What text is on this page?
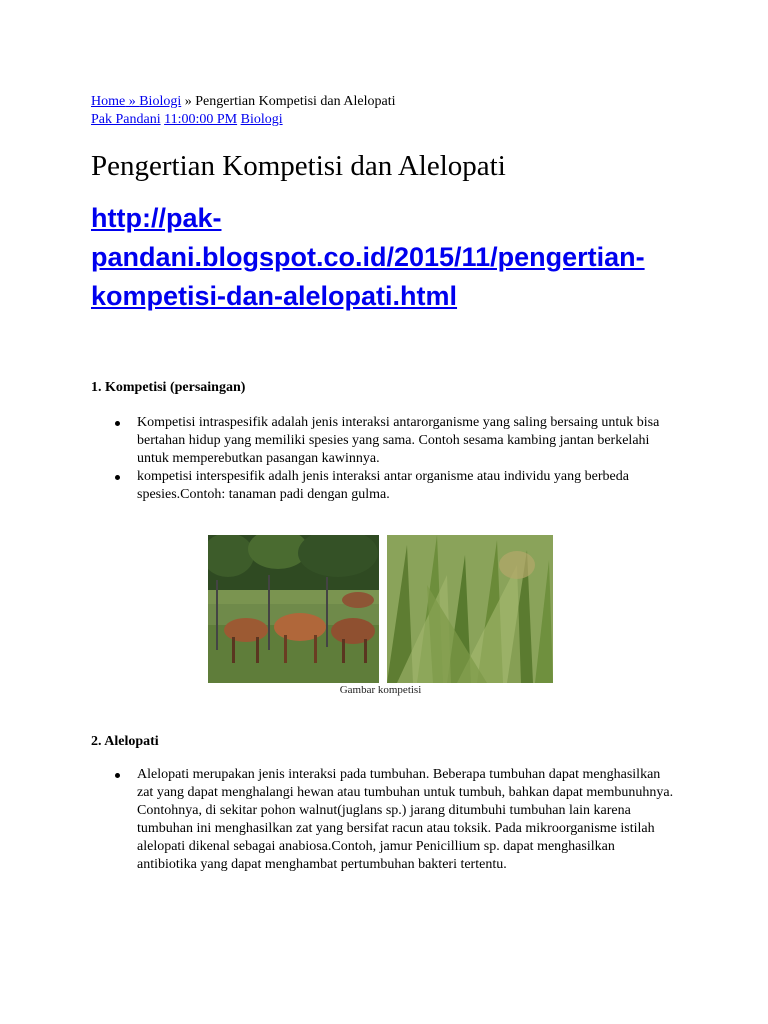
Home » Biologi » Pengertian Kompetisi dan Alelopati
Pak Pandani 11:00:00 PM Biologi
Pengertian Kompetisi dan Alelopati

http://pak-pandani.blogspot.co.id/2015/11/pengertian-kompetisi-dan-alelopati.html

1. Kompetisi (persaingan)

Kompetisi intraspesifik adalah jenis interaksi antarorganisme yang saling bersaing untuk bisa bertahan hidup yang memiliki spesies yang sama. Contoh sesama kambing jantan berkelahi untuk memperebutkan pasangan kawinnya.
kompetisi interspesifik adalh jenis interaksi antar organisme atau individu yang berbeda spesies.Contoh: tanaman padi dengan gulma.
Gambar kompetisi

2. Alelopati

Alelopati merupakan jenis interaksi pada tumbuhan. Beberapa tumbuhan dapat menghasilkan zat yang dapat menghalangi hewan atau tumbuhan untuk tumbuh, bahkan dapat membunuhnya. Contohnya, di sekitar pohon walnut(juglans sp.) jarang ditumbuhi tumbuhan lain karena tumbuhan ini menghasilkan zat yang bersifat racun atau toksik. Pada mikroorganisme istilah alelopati dikenal sebagai anabiosa.Contoh, jamur Penicillium sp. dapat menghasilkan antibiotika yang dapat menghambat pertumbuhan bakteri tertentu.
